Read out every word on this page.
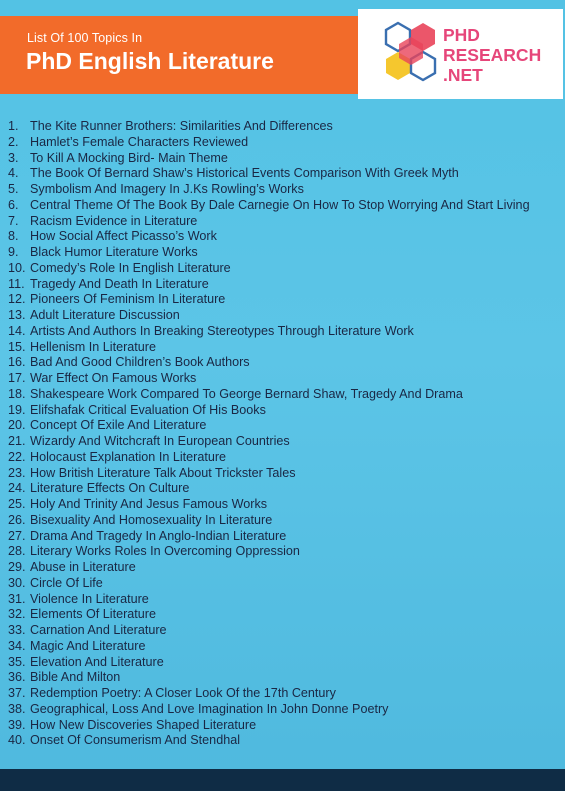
List Of 100 Topics In
PhD English Literature
PHD
RESEARCH
.NET
1. The Kite Runner Brothers: Similarities And Differences
2. Hamlet’s Female Characters Reviewed
3. To Kill A Mocking Bird- Main Theme
4. The Book Of Bernard Shaw’s Historical Events Comparison With Greek Myth
5. Symbolism And Imagery In J.Ks Rowling’s Works
6. Central Theme Of The Book By Dale Carnegie On How To Stop Worrying And Start Living
7. Racism Evidence in Literature
8. How Social Affect Picasso’s Work
9. Black Humor Literature Works
10. Comedy’s Role In English Literature
11. Tragedy And Death In Literature
12. Pioneers Of Feminism In Literature
13. Adult Literature Discussion
14. Artists And Authors In Breaking Stereotypes Through Literature Work
15. Hellenism In Literature
16. Bad And Good Children’s Book Authors
17. War Effect On Famous Works
18. Shakespeare Work Compared To George Bernard Shaw, Tragedy And Drama
19. Elifshafak Critical Evaluation Of His Books
20. Concept Of Exile And Literature
21. Wizardy And Witchcraft In European Countries
22. Holocaust Explanation In Literature
23. How British Literature Talk About Trickster Tales
24. Literature Effects On Culture
25. Holy And Trinity And Jesus Famous Works
26. Bisexuality And Homosexuality In Literature
27. Drama And Tragedy In Anglo-Indian Literature
28. Literary Works Roles In Overcoming Oppression
29. Abuse in Literature
30. Circle Of Life
31. Violence In Literature
32. Elements Of Literature
33. Carnation And Literature
34. Magic And Literature
35. Elevation And Literature
36. Bible And Milton
37. Redemption Poetry: A Closer Look Of the 17th Century
38. Geographical, Loss And Love Imagination In John Donne Poetry
39. How New Discoveries Shaped Literature
40. Onset Of Consumerism And Stendhal
